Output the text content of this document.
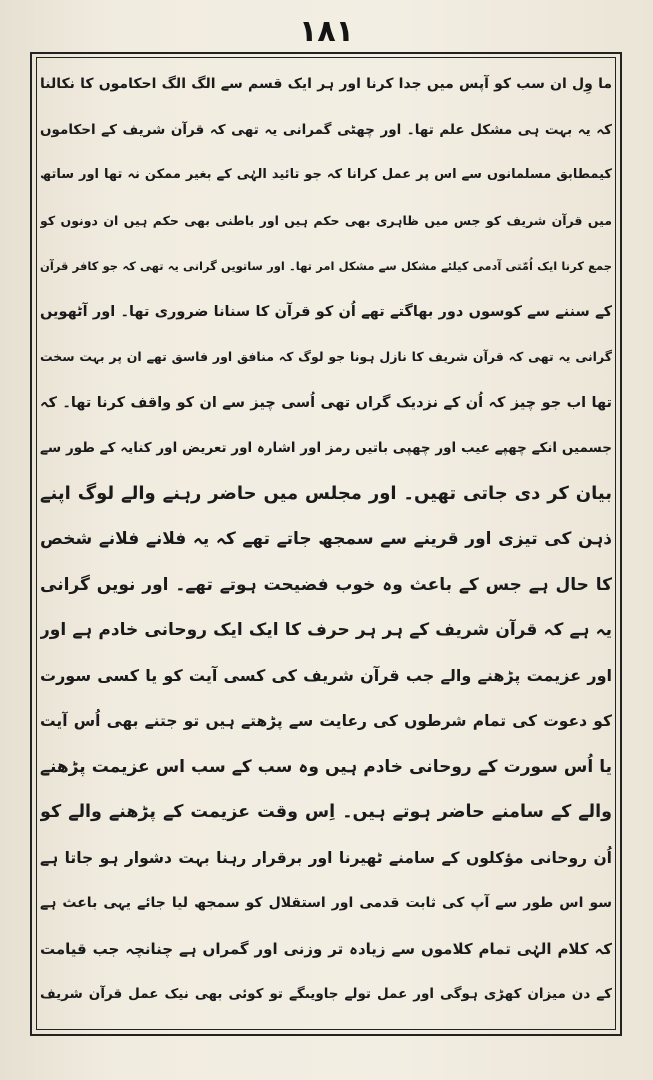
۱۸۱
ما وِل ان سب کو آپس میں جدا کرنا اور ہر ایک قسم سے الگ الگ احکاموں کا نکالنا
کہ یہ بہت ہی مشکل علم تھا۔ اور چھٹی گمرانی یہ تھی کہ قرآن شریف کے احکاموں
کیمطابق مسلمانوں سے اس پر عمل کرانا کہ جو تائید الہٰی کے بغیر ممکن نہ تھا اور ساتھ
میں قرآن شریف کو جس میں ظاہری بھی حکم ہیں اور باطنی بھی حکم ہیں ان دونوں کو
جمع کرنا ایک اُمّتی آدمی کیلئے مشکل سے مشکل امر تھا۔ اور ساتویں گرانی یہ تھی کہ جو کافر قرآن
کے سننے سے کوسوں دور بھاگتے تھے اُن کو قرآن کا سنانا ضروری تھا۔ اور آٹھویں
گرانی یہ تھی کہ قرآن شریف کا نازل ہونا جو لوگ کہ منافق اور فاسق تھے ان پر بہت سخت
تھا اب جو چیز کہ اُن کے نزدیک گراں تھی اُسی چیز سے ان کو واقف کرنا تھا۔ کہ
جسمیں انکے چھپے عیب اور چھپی باتیں رمز اور اشارہ اور تعریض اور کنایہ کے طور سے
بیان کر دی جاتی تھیں۔ اور مجلس میں حاضر رہنے والے لوگ اپنے
ذہن کی تیزی اور قرینے سے سمجھ جاتے تھے کہ یہ فلانے فلانے شخص
کا حال ہے جس کے باعث وہ خوب فضیحت ہوتے تھے۔ اور نویں گرانی
یہ ہے کہ قرآن شریف کے ہر ہر حرف کا ایک ایک روحانی خادم ہے اور
اور عزیمت پڑھنے والے جب قرآن شریف کی کسی آیت کو یا کسی سورت
کو دعوت کی تمام شرطوں کی رعایت سے پڑھتے ہیں تو جتنے بھی اُس آیت
یا اُس سورت کے روحانی خادم ہیں وہ سب کے سب اس عزیمت پڑھنے
والے کے سامنے حاضر ہوتے ہیں۔ اِس وقت عزیمت کے پڑھنے والے کو
اُن روحانی مؤکلوں کے سامنے ٹھیرنا اور برقرار رہنا بہت دشوار ہو جاتا ہے
سو اس طور سے آپ کی ثابت قدمی اور استقلال کو سمجھ لیا جائے یہی باعث ہے
کہ کلام الہٰی تمام کلاموں سے زیادہ تر وزنی اور گمراں ہے چنانچہ جب قیامت
کے دن میزان کھڑی ہوگی اور عمل تولے جاویںگے تو کوئی بھی نیک عمل قرآن شریف
